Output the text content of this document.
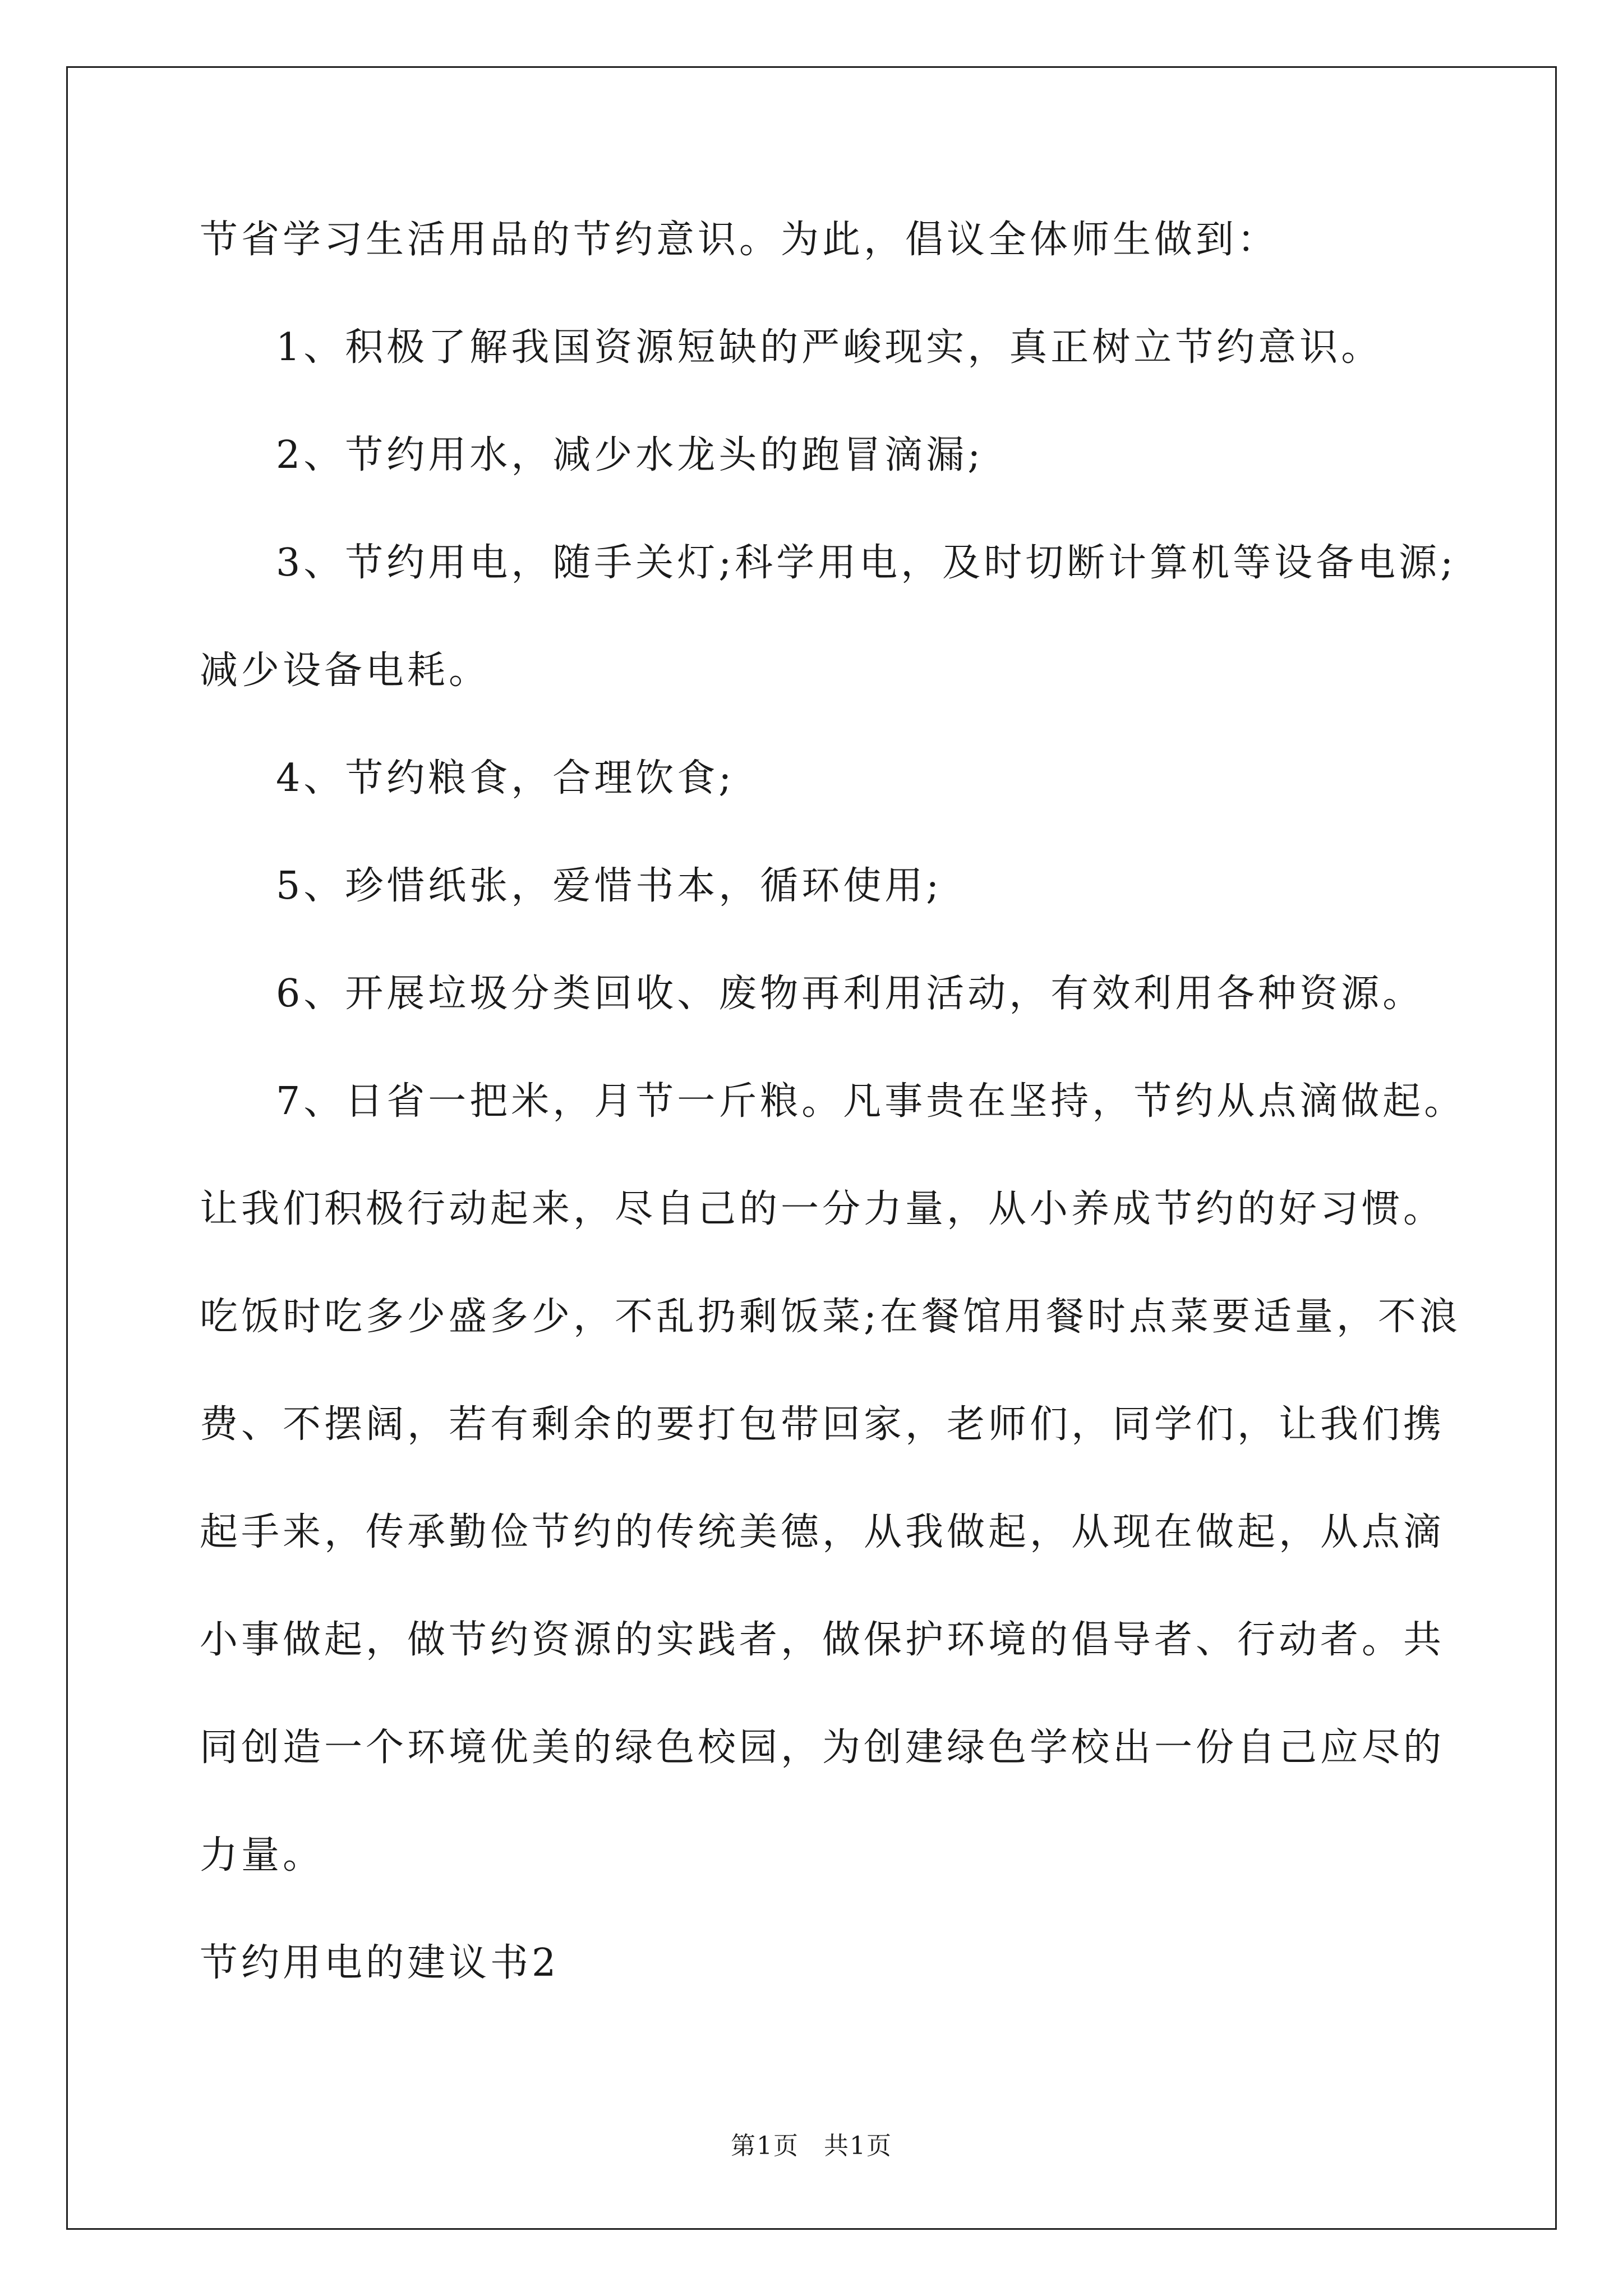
节省学习生活用品的节约意识。为此，倡议全体师生做到：
1、积极了解我国资源短缺的严峻现实，真正树立节约意识。
2、节约用水，减少水龙头的跑冒滴漏;
3、节约用电，随手关灯;科学用电，及时切断计算机等设备电源;
减少设备电耗。
4、节约粮食，合理饮食;
5、珍惜纸张，爱惜书本，循环使用;
6、开展垃圾分类回收、废物再利用活动，有效利用各种资源。
7、日省一把米，月节一斤粮。凡事贵在坚持，节约从点滴做起。
让我们积极行动起来，尽自己的一分力量，从小养成节约的好习惯。
吃饭时吃多少盛多少，不乱扔剩饭菜;在餐馆用餐时点菜要适量，不浪
费、不摆阔，若有剩余的要打包带回家，老师们，同学们，让我们携
起手来，传承勤俭节约的传统美德，从我做起，从现在做起，从点滴
小事做起，做节约资源的实践者，做保护环境的倡导者、行动者。共
同创造一个环境优美的绿色校园，为创建绿色学校出一份自己应尽的
力量。
节约用电的建议书2
第1页 共1页
